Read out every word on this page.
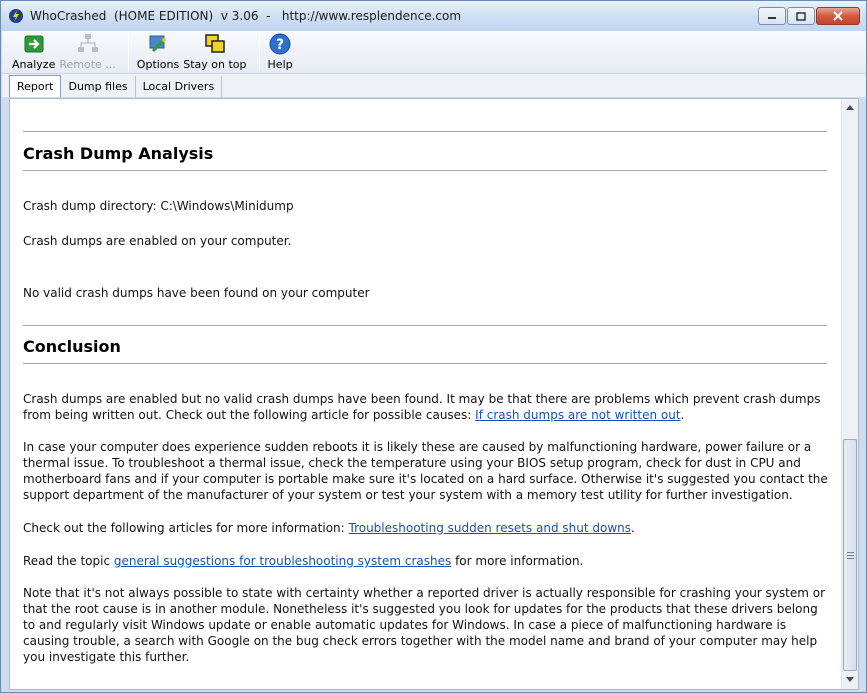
WhoCrashed  (HOME EDITION)  v 3.06  -   http://www.resplendence.com
Analyze Remote ... Options Stay on top
?
Help
Report Dump files Local Drivers
Crash Dump Analysis
Crash dump directory: C:\Windows\Minidump
Crash dumps are enabled on your computer.
No valid crash dumps have been found on your computer
Conclusion
Crash dumps are enabled but no valid crash dumps have been found. It may be that there are problems which prevent crash dumps from being written out. Check out the following article for possible causes: If crash dumps are not written out.
In case your computer does experience sudden reboots it is likely these are caused by malfunctioning hardware, power failure or a thermal issue. To troubleshoot a thermal issue, check the temperature using your BIOS setup program, check for dust in CPU and motherboard fans and if your computer is portable make sure it's located on a hard surface. Otherwise it's suggested you contact the support department of the manufacturer of your system or test your system with a memory test utility for further investigation.
Check out the following articles for more information: Troubleshooting sudden resets and shut downs.
Read the topic general suggestions for troubleshooting system crashes for more information.
Note that it's not always possible to state with certainty whether a reported driver is actually responsible for crashing your system or that the root cause is in another module. Nonetheless it's suggested you look for updates for the products that these drivers belong to and regularly visit Windows update or enable automatic updates for Windows. In case a piece of malfunctioning hardware is causing trouble, a search with Google on the bug check errors together with the model name and brand of your computer may help you investigate this further.
